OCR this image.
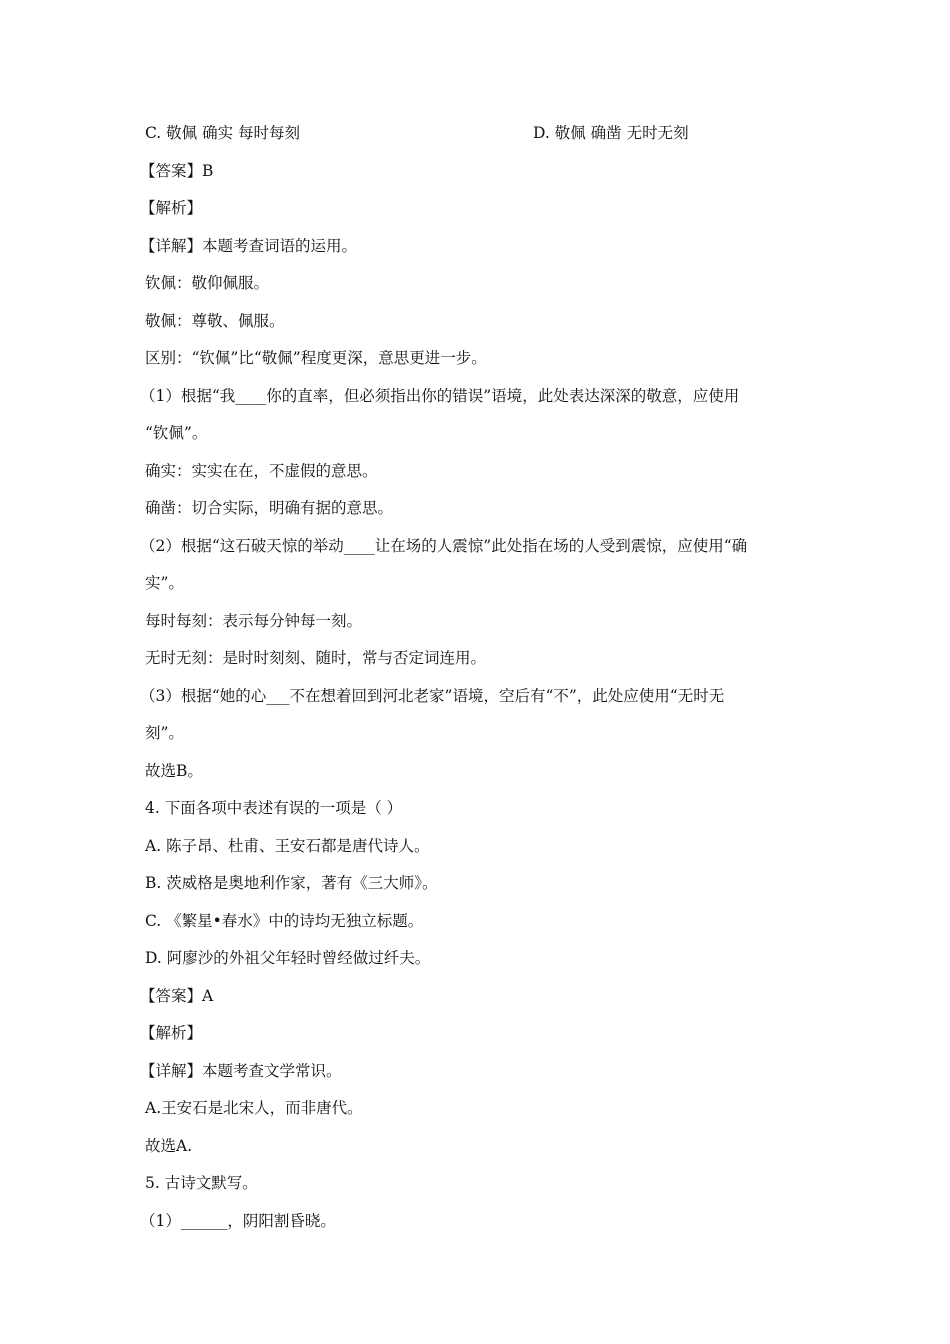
C. 敬佩 确实 每时每刻	D. 敬佩 确凿 无时无刻
【答案】B
【解析】
【详解】本题考查词语的运用。
钦佩：敬仰佩服。
敬佩：尊敬、佩服。
区别：“钦佩”比“敬佩”程度更深，意思更进一步。
（1）根据“我____你的直率，但必须指出你的错误”语境，此处表达深深的敬意，应使用
“钦佩”。
确实：实实在在，不虚假的意思。
确凿：切合实际，明确有据的意思。
（2）根据“这石破天惊的举动____让在场的人震惊”此处指在场的人受到震惊，应使用“确
实”。
每时每刻：表示每分钟每一刻。
无时无刻：是时时刻刻、随时，常与否定词连用。
（3）根据“她的心___不在想着回到河北老家”语境，空后有“不”，此处应使用“无时无
刻”。
故选B。
4. 下面各项中表述有误的一项是（ ）
A. 陈子昂、杜甫、王安石都是唐代诗人。
B. 茨威格是奥地利作家，著有《三大师》。
C. 《繁星•春水》中的诗均无独立标题。
D. 阿廖沙的外祖父年轻时曾经做过纤夫。
【答案】A
【解析】
【详解】本题考查文学常识。
A.王安石是北宋人，而非唐代。
故选A.
5. 古诗文默写。
（1）______，阴阳割昏晓。
